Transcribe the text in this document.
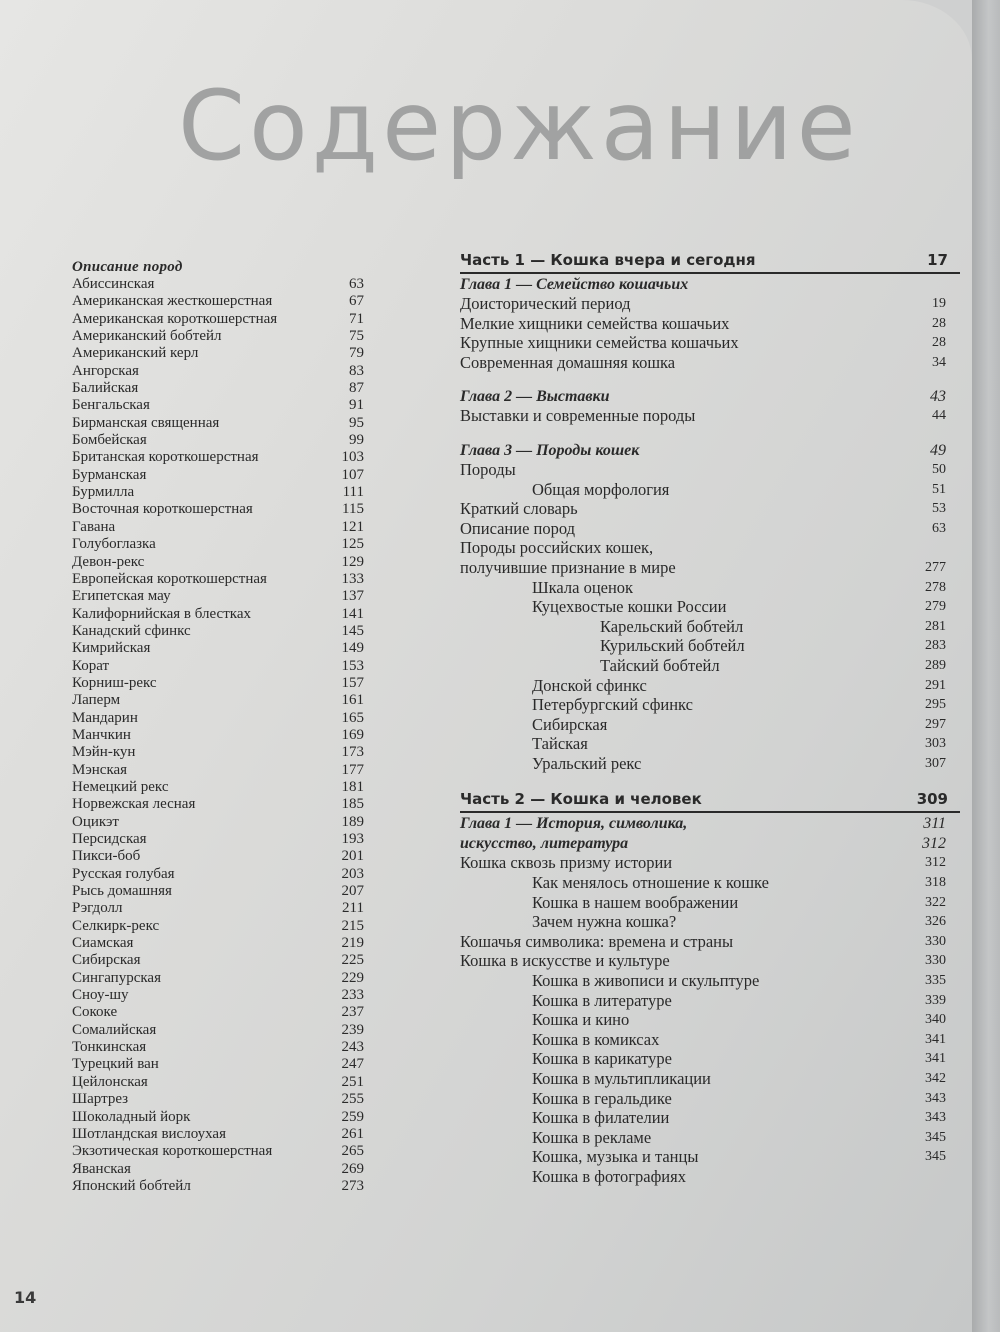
Содержание
Описание пород
Абиссинская	63
Американская жесткошерстная	67
Американская короткошерстная	71
Американский бобтейл	75
Американский керл	79
Ангорская	83
Балийская	87
Бенгальская	91
Бирманская священная	95
Бомбейская	99
Британская короткошерстная	103
Бурманская	107
Бурмилла	111
Восточная короткошерстная	115
Гавана	121
Голубоглазка	125
Девон-рекс	129
Европейская короткошерстная	133
Египетская мау	137
Калифорнийская в блестках	141
Канадский сфинкс	145
Кимрийская	149
Корат	153
Корниш-рекс	157
Лаперм	161
Мандарин	165
Манчкин	169
Мэйн-кун	173
Мэнская	177
Немецкий рекс	181
Норвежская лесная	185
Оцикэт	189
Персидская	193
Пикси-боб	201
Русская голубая	203
Рысь домашняя	207
Рэгдолл	211
Селкирк-рекс	215
Сиамская	219
Сибирская	225
Сингапурская	229
Сноу-шу	233
Сококе	237
Сомалийская	239
Тонкинская	243
Турецкий ван	247
Цейлонская	251
Шартрез	255
Шоколадный йорк	259
Шотландская вислоухая	261
Экзотическая короткошерстная	265
Яванская	269
Японский бобтейл	273
Часть 1 — Кошка вчера и сегодня	17
Глава 1 — Семейство кошачьих
Доисторический период	19
Мелкие хищники семейства кошачьих	28
Крупные хищники семейства кошачьих	28
Современная домашняя кошка	34
Глава 2 — Выставки	43
Выставки и современные породы	44
Глава 3 — Породы кошек	49
Породы	50
Общая морфология	51
Краткий словарь	53
Описание пород	63
Породы российских кошек,
получившие признание в мире	277
Шкала оценок	278
Куцехвостые кошки России	279
Карельский бобтейл	281
Курильский бобтейл	283
Тайский бобтейл	289
Донской сфинкс	291
Петербургский сфинкс	295
Сибирская	297
Тайская	303
Уральский рекс	307
Часть 2 — Кошка и человек	309
Глава 1 — История, символика,	311
искусство, литература	312
Кошка сквозь призму истории	312
Как менялось отношение к кошке	318
Кошка в нашем воображении	322
Зачем нужна кошка?	326
Кошачья символика: времена и страны	330
Кошка в искусстве и культуре	330
Кошка в живописи и скульптуре	335
Кошка в литературе	339
Кошка и кино	340
Кошка в комиксах	341
Кошка в карикатуре	341
Кошка в мультипликации	342
Кошка в геральдике	343
Кошка в филателии	343
Кошка в рекламе	345
Кошка, музыка и танцы	345
Кошка в фотографиях
14
